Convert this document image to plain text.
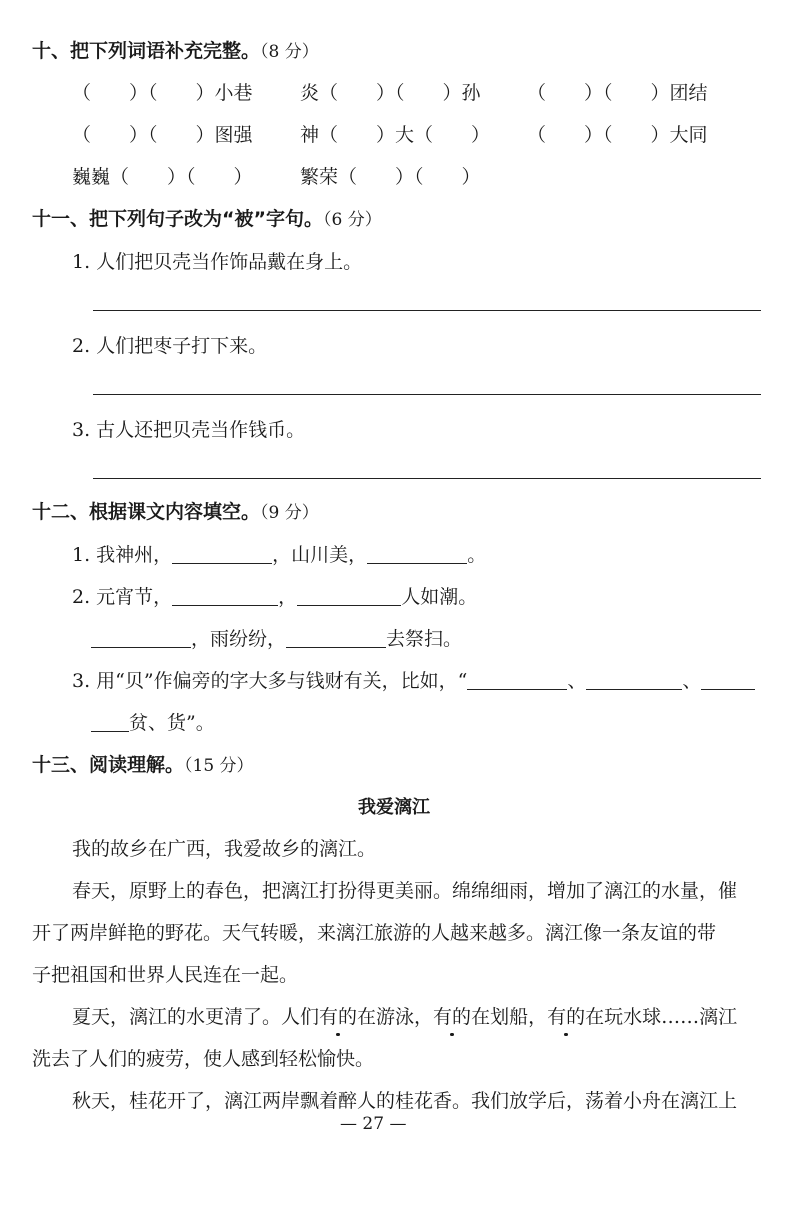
十、把下列词语补充完整。（8 分）
（　　）（　　）小巷 炎（　　）（　　）孙 （　　）（　　）团结
（　　）（　　）图强 神（　　）大（　　） （　　）（　　）大同
巍巍（　　）（　　） 繁荣（　　）（　　）
十一、把下列句子改为“被”字句。（6 分）
1. 人们把贝壳当作饰品戴在身上。
2. 人们把枣子打下来。
3. 古人还把贝壳当作钱币。
十二、根据课文内容填空。（9 分）
1. 我神州，	，山川美，	。
2. 元宵节，	，	人如潮。
，雨纷纷，	去祭扫。
3. 用“贝”作偏旁的字大多与钱财有关，比如，“	、	、
贫、货”。
十三、阅读理解。（15 分）
我爱漓江
我的故乡在广西，我爱故乡的漓江。
春天，原野上的春色，把漓江打扮得更美丽。绵绵细雨，增加了漓江的水量，催
开了两岸鲜艳的野花。天气转暖，来漓江旅游的人越来越多。漓江像一条友谊的带
子把祖国和世界人民连在一起。
夏天，漓江的水更清了。人们有的在游泳，有的在划船，有的在玩水球……漓江
洗去了人们的疲劳，使人感到轻松愉快。
秋天，桂花开了，漓江两岸飘着醉人的桂花香。我们放学后，荡着小舟在漓江上
— 27 —
